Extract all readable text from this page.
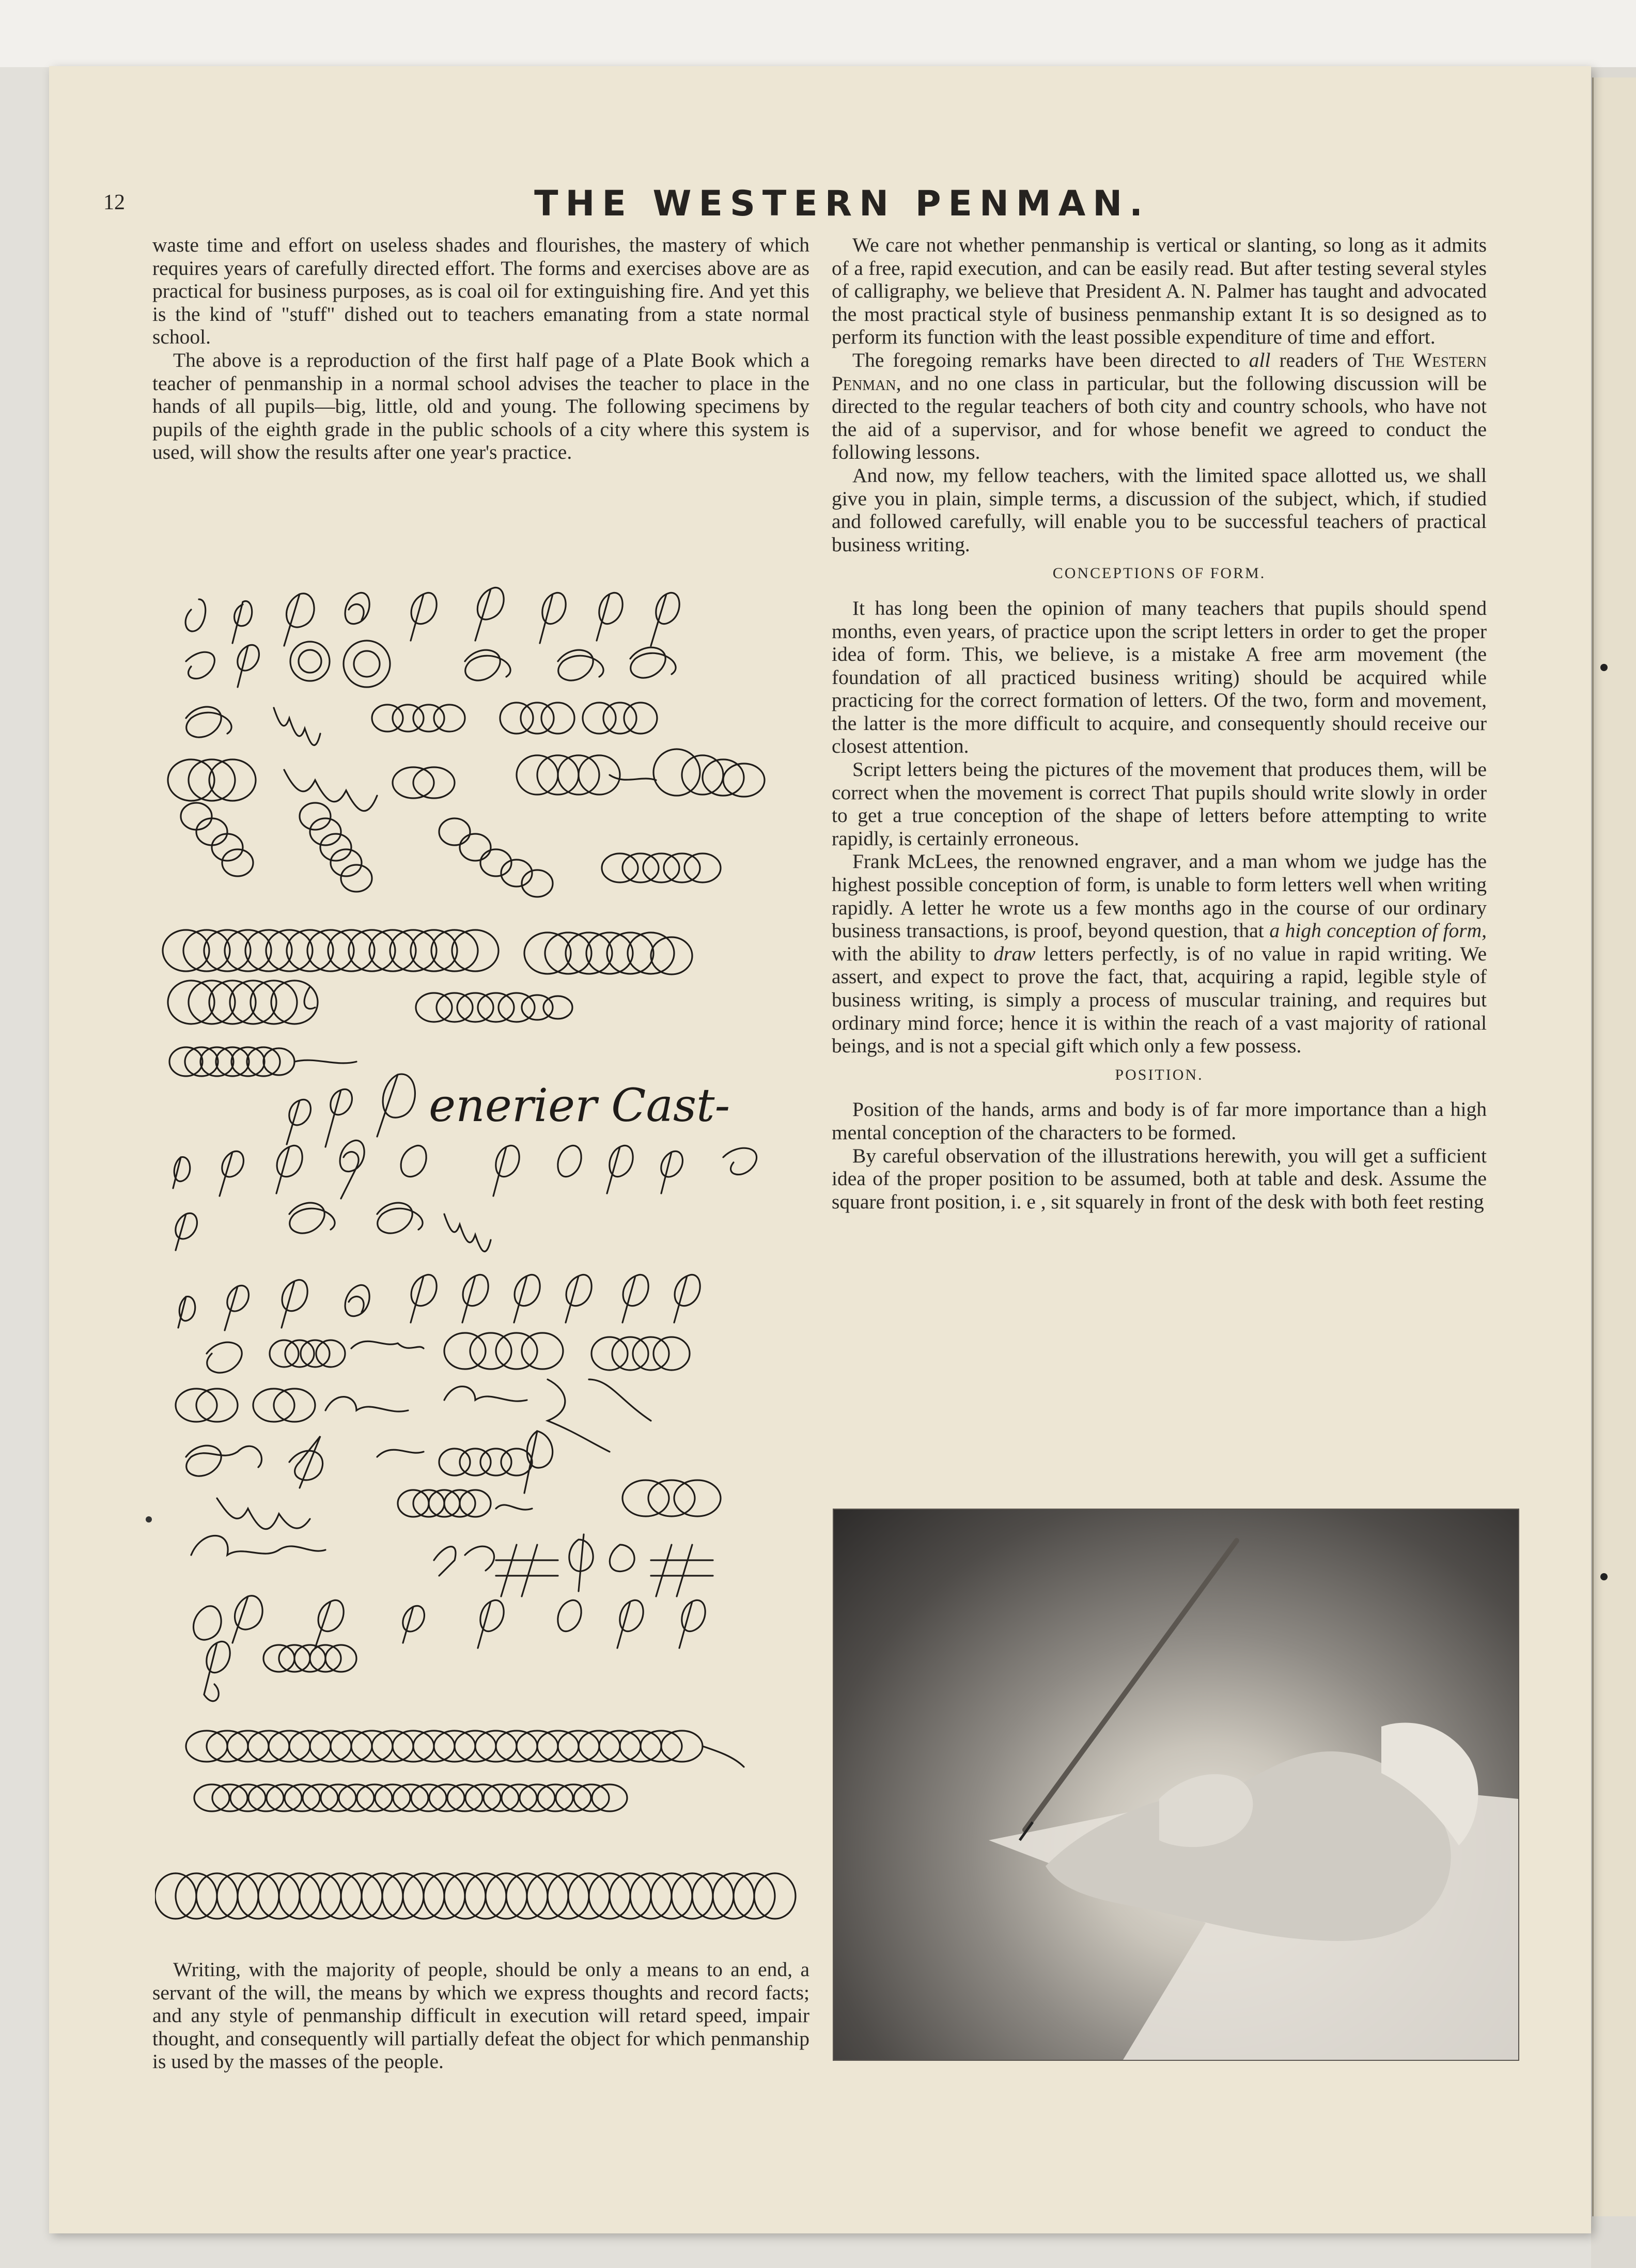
12	THE WESTERN PENMAN.

waste time and effort on useless shades and flourishes, the mastery of which requires years of carefully directed effort. The forms and exercises above are as practical for business purposes, as is coal oil for extinguishing fire. And yet this is the kind of "stuff" dished out to teachers emanating from a state normal school.

The above is a reproduction of the first half page of a Plate Book which a teacher of penmanship in a normal school advises the teacher to place in the hands of all pupils—big, little, old and young. The following specimens by pupils of the eighth grade in the public schools of a city where this system is used, will show the results after one year's practice.

enerier Cast-

Writing, with the majority of people, should be only a means to an end, a servant of the will, the means by which we express thoughts and record facts; and any style of penmanship difficult in execution will retard speed, impair thought, and consequently will partially defeat the object for which penmanship is used by the masses of the people.

We care not whether penmanship is vertical or slanting, so long as it admits of a free, rapid execution, and can be easily read. But after testing several styles of calligraphy, we believe that President A. N. Palmer has taught and advocated the most practical style of business penmanship extant It is so designed as to perform its function with the least possible expenditure of time and effort.

The foregoing remarks have been directed to all readers of The Western Penman, and no one class in particular, but the following discussion will be directed to the regular teachers of both city and country schools, who have not the aid of a supervisor, and for whose benefit we agreed to conduct the following lessons.

And now, my fellow teachers, with the limited space allotted us, we shall give you in plain, simple terms, a discussion of the subject, which, if studied and followed carefully, will enable you to be successful teachers of practical business writing.

CONCEPTIONS OF FORM.

It has long been the opinion of many teachers that pupils should spend months, even years, of practice upon the script letters in order to get the proper idea of form. This, we believe, is a mistake A free arm movement (the foundation of all practiced business writing) should be acquired while practicing for the correct formation of letters. Of the two, form and movement, the latter is the more difficult to acquire, and consequently should receive our closest attention.

Script letters being the pictures of the movement that produces them, will be correct when the movement is correct That pupils should write slowly in order to get a true conception of the shape of letters before attempting to write rapidly, is certainly erroneous.

Frank McLees, the renowned engraver, and a man whom we judge has the highest possible conception of form, is unable to form letters well when writing rapidly. A letter he wrote us a few months ago in the course of our ordinary business transactions, is proof, beyond question, that a high conception of form, with the ability to draw letters perfectly, is of no value in rapid writing. We assert, and expect to prove the fact, that, acquiring a rapid, legible style of business writing, is simply a process of muscular training, and requires but ordinary mind force; hence it is within the reach of a vast majority of rational beings, and is not a special gift which only a few possess.

POSITION.

Position of the hands, arms and body is of far more importance than a high mental conception of the characters to be formed.

By careful observation of the illustrations herewith, you will get a sufficient idea of the proper position to be assumed, both at table and desk. Assume the square front position, i. e , sit squarely in front of the desk with both feet resting
